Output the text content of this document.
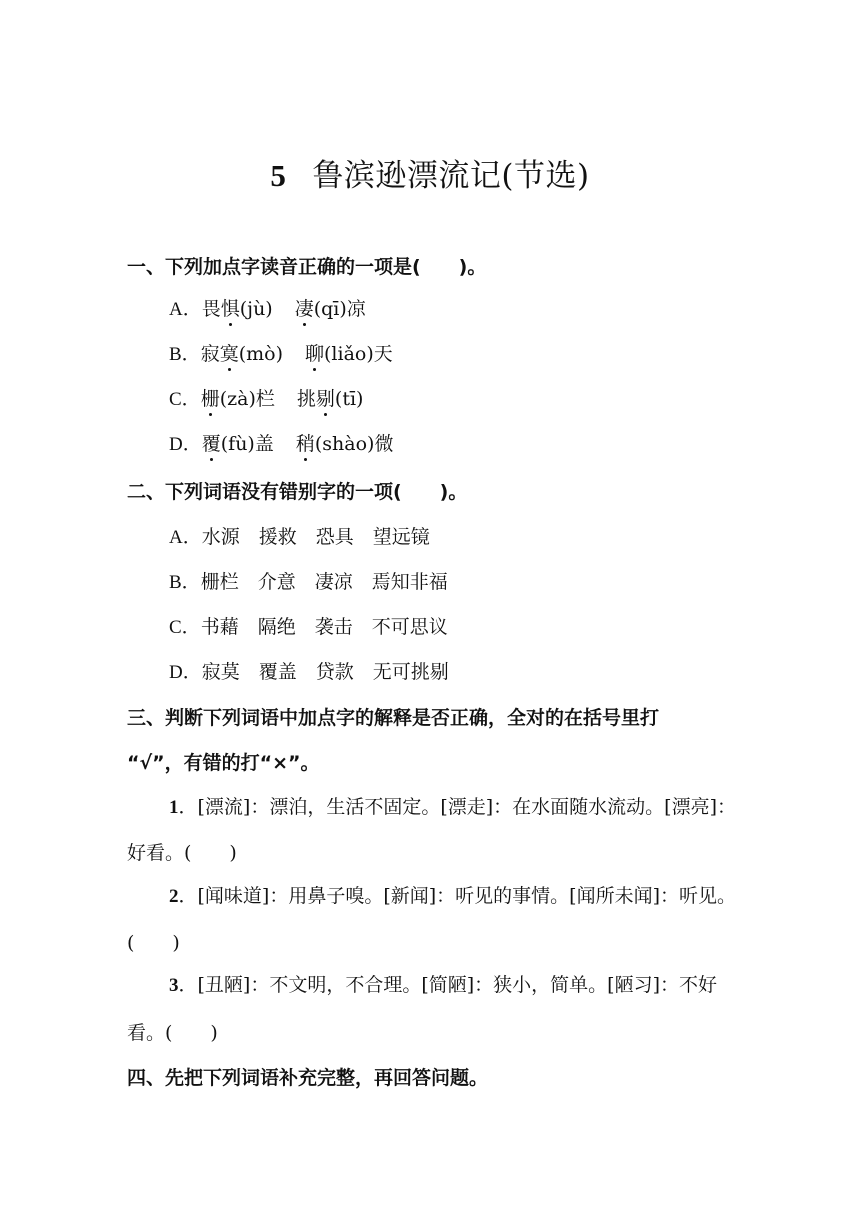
5 鲁滨逊漂流记(节选)
一、下列加点字读音正确的一项是(　　)。
A．畏惧(jù) 凄(qī)凉
B．寂寞(mò) 聊(liǎo)天
C．栅(zà)栏 挑剔(tī)
D．覆(fù)盖 稍(shào)微
二、下列词语没有错别字的一项(　　)。
A．水源　援救　恐具　望远镜
B．栅栏　介意　凄凉　焉知非福
C．书藉　隔绝　袭击　不可思议
D．寂莫　覆盖　贷款　无可挑剔
三、判断下列词语中加点字的解释是否正确，全对的在括号里打
“√”，有错的打“×”。
1．[漂流]：漂泊，生活不固定。[漂走]：在水面随水流动。[漂亮]：
好看。(　　)
2．[闻味道]：用鼻子嗅。[新闻]：听见的事情。[闻所未闻]：听见。
(　　)
3．[丑陋]：不文明，不合理。[简陋]：狭小，简单。[陋习]：不好
看。(　　)
四、先把下列词语补充完整，再回答问题。
